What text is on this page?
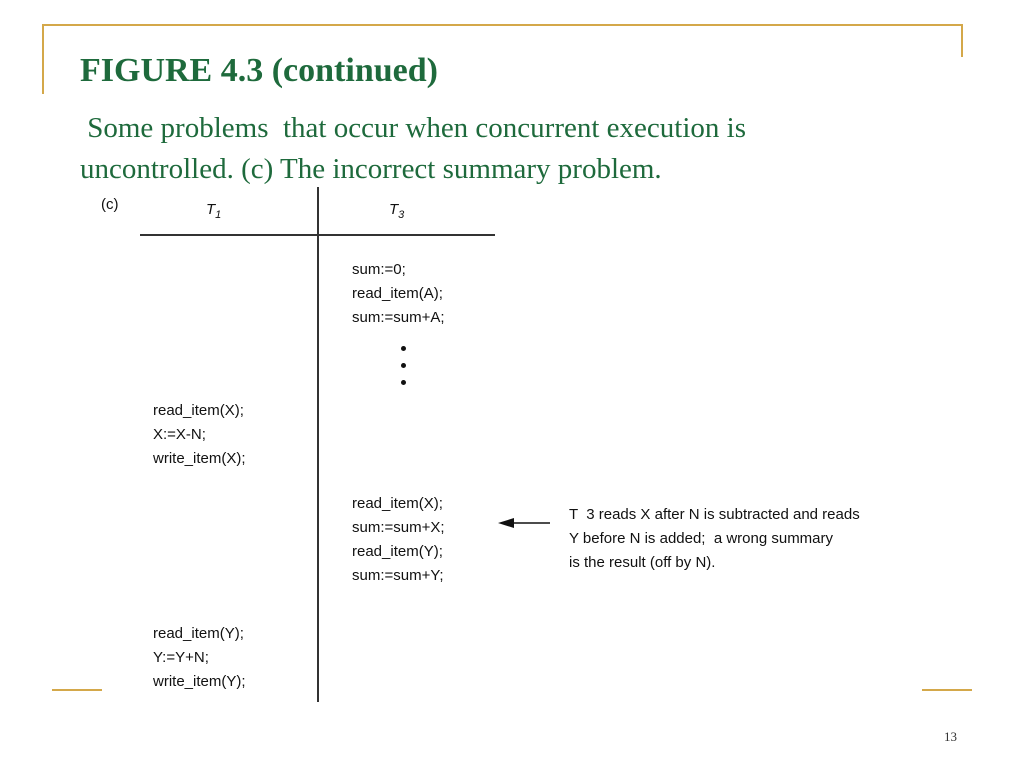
FIGURE 4.3 (continued)
Some problems  that occur when concurrent execution is
uncontrolled. (c) The incorrect summary problem.
(c)	$T_1$	$T_3$
sum:=0;
read_item(A);
sum:=sum+A;
read_item(X);
X:=X-N;
write_item(X);
read_item(X);
sum:=sum+X;
read_item(Y);
sum:=sum+Y;
T  3 reads X after N is subtracted and reads
Y before N is added;  a wrong summary
is the result (off by N).
read_item(Y);
Y:=Y+N;
write_item(Y);
13
